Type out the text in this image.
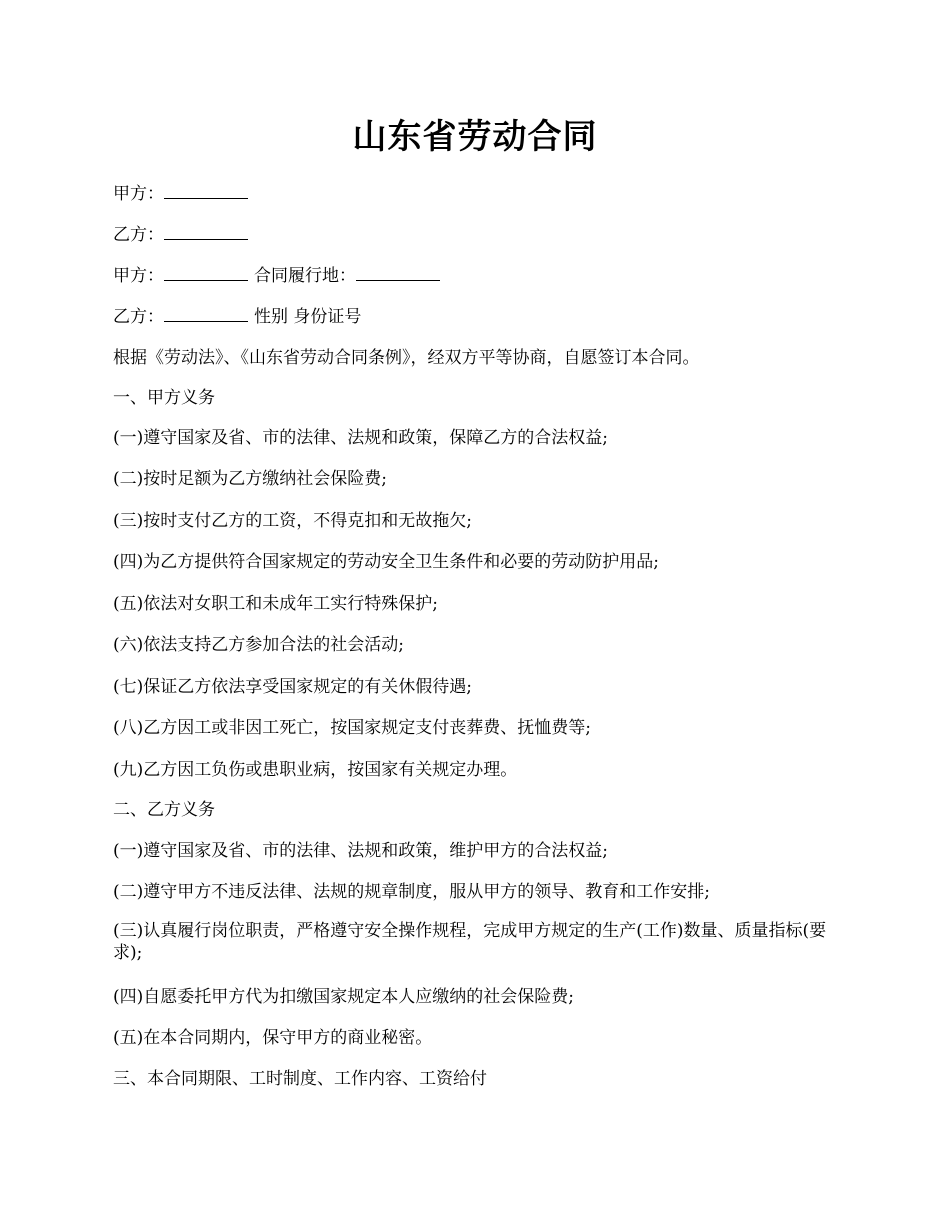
山东省劳动合同
甲方：
乙方：
甲方：	合同履行地：
乙方：	性别 身份证号
根据《劳动法》、《山东省劳动合同条例》，经双方平等协商，自愿签订本合同。
一、甲方义务
(一)遵守国家及省、市的法律、法规和政策，保障乙方的合法权益;
(二)按时足额为乙方缴纳社会保险费;
(三)按时支付乙方的工资，不得克扣和无故拖欠;
(四)为乙方提供符合国家规定的劳动安全卫生条件和必要的劳动防护用品;
(五)依法对女职工和未成年工实行特殊保护;
(六)依法支持乙方参加合法的社会活动;
(七)保证乙方依法享受国家规定的有关休假待遇;
(八)乙方因工或非因工死亡，按国家规定支付丧葬费、抚恤费等;
(九)乙方因工负伤或患职业病，按国家有关规定办理。
二、乙方义务
(一)遵守国家及省、市的法律、法规和政策，维护甲方的合法权益;
(二)遵守甲方不违反法律、法规的规章制度，服从甲方的领导、教育和工作安排;
(三)认真履行岗位职责，严格遵守安全操作规程，完成甲方规定的生产(工作)数量、质量指标(要求);
(四)自愿委托甲方代为扣缴国家规定本人应缴纳的社会保险费;
(五)在本合同期内，保守甲方的商业秘密。
三、本合同期限、工时制度、工作内容、工资给付
